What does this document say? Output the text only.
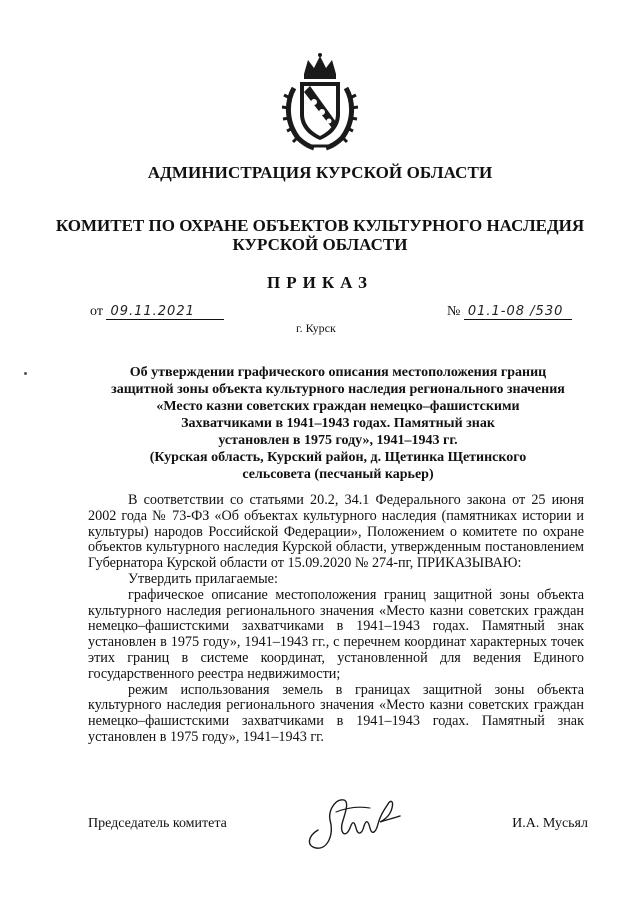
АДМИНИСТРАЦИЯ КУРСКОЙ ОБЛАСТИ
КОМИТЕТ ПО ОХРАНЕ ОБЪЕКТОВ КУЛЬТУРНОГО НАСЛЕДИЯ
КУРСКОЙ ОБЛАСТИ
ПРИКАЗ
от 09.11.2021	№ 01.1-08 /530
г. Курск
Об утверждении графического описания местоположения границ
защитной зоны объекта культурного наследия регионального значения
«Место казни советских граждан немецко–фашистскими
Захватчиками в 1941–1943 годах. Памятный знак
установлен в 1975 году», 1941–1943 гг.
(Курская область, Курский район, д. Щетинка Щетинского
сельсовета (песчаный карьер)

В соответствии со статьями 20.2, 34.1 Федерального закона от 25 июня 2002 года № 73-ФЗ «Об объектах культурного наследия (памятниках истории и культуры) народов Российской Федерации», Положением о комитете по охране объектов культурного наследия Курской области, утвержденным постановлением Губернатора Курской области от 15.09.2020 № 274-пг, ПРИКАЗЫВАЮ:

Утвердить прилагаемые:

графическое описание местоположения границ защитной зоны объекта культурного наследия регионального значения «Место казни советских граждан немецко–фашистскими захватчиками в 1941–1943 годах. Памятный знак установлен в 1975 году», 1941–1943 гг., с перечнем координат характерных точек этих границ в системе координат, установленной для ведения Единого государственного реестра недвижимости;

режим использования земель в границах защитной зоны объекта культурного наследия регионального значения «Место казни советских граждан немецко–фашистскими захватчиками в 1941–1943 годах. Памятный знак установлен в 1975 году», 1941–1943 гг.

Председатель комитета	И.А. Мусьял
